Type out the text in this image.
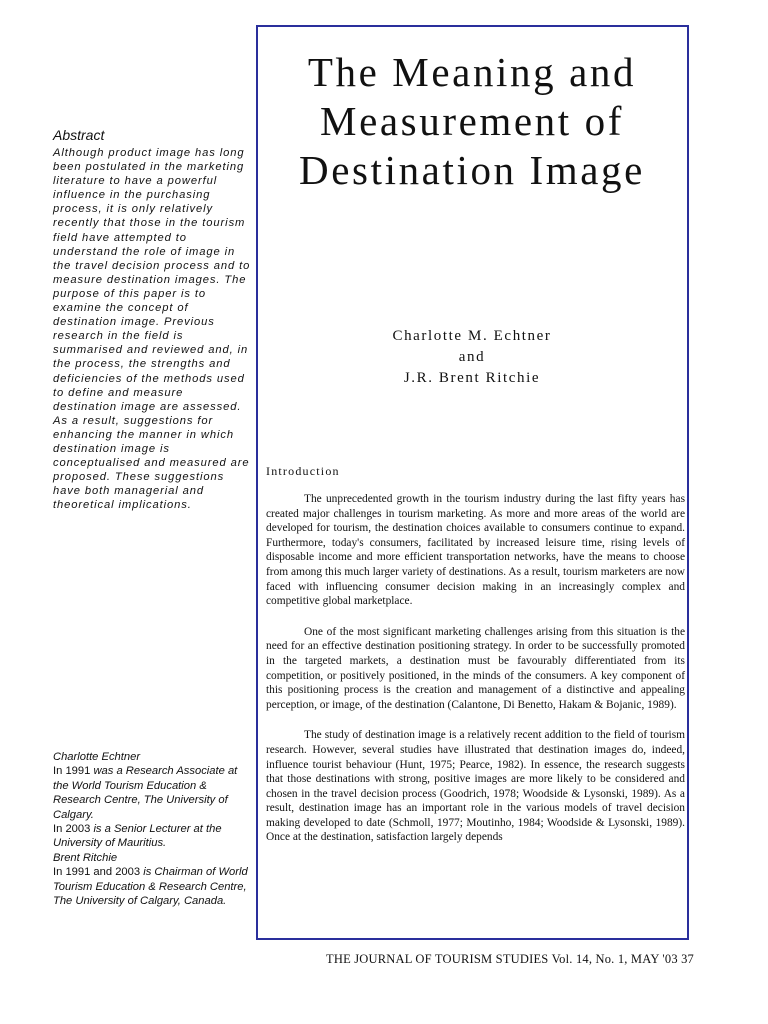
Abstract

Although product image has long been postulated in the marketing literature to have a powerful influence in the purchasing process, it is only relatively recently that those in the tourism field have attempted to understand the role of image in the travel decision process and to measure destination images. The purpose of this paper is to examine the concept of destination image. Previous research in the field is summarised and reviewed and, in the process, the strengths and deficiencies of the methods used to define and measure destination image are assessed. As a result, suggestions for enhancing the manner in which destination image is conceptualised and measured are proposed. These suggestions have both managerial and theoretical implications.

Charlotte Echtner

In 1991 was a Research Associate at the World Tourism Education & Research Centre, The University of Calgary.

In 2003 is a Senior Lecturer at the University of Mauritius.

Brent Ritchie

In 1991 and 2003 is Chairman of World Tourism Education & Research Centre, The University of Calgary, Canada.

The Meaning and Measurement of Destination Image
Charlotte M. Echtner
and
J.R. Brent Ritchie
Introduction

The unprecedented growth in the tourism industry during the last fifty years has created major challenges in tourism marketing. As more and more areas of the world are developed for tourism, the destination choices available to consumers continue to expand. Furthermore, today's consumers, facilitated by increased leisure time, rising levels of disposable income and more efficient transportation networks, have the means to choose from among this much larger variety of destinations. As a result, tourism marketers are now faced with influencing consumer decision making in an increasingly complex and competitive global marketplace.

One of the most significant marketing challenges arising from this situation is the need for an effective destination positioning strategy. In order to be successfully promoted in the targeted markets, a destination must be favourably differentiated from its competition, or positively positioned, in the minds of the consumers. A key component of this positioning process is the creation and management of a distinctive and appealing perception, or image, of the destination (Calantone, Di Benetto, Hakam & Bojanic, 1989).

The study of destination image is a relatively recent addition to the field of tourism research. However, several studies have illustrated that destination images do, indeed, influence tourist behaviour (Hunt, 1975; Pearce, 1982). In essence, the research suggests that those destinations with strong, positive images are more likely to be considered and chosen in the travel decision process (Goodrich, 1978; Woodside & Lysonski, 1989). As a result, destination image has an important role in the various models of travel decision making developed to date (Schmoll, 1977; Moutinho, 1984; Woodside & Lysonski, 1989). Once at the destination, satisfaction largely depends

THE JOURNAL OF TOURISM STUDIES Vol. 14, No. 1, MAY '03 37
